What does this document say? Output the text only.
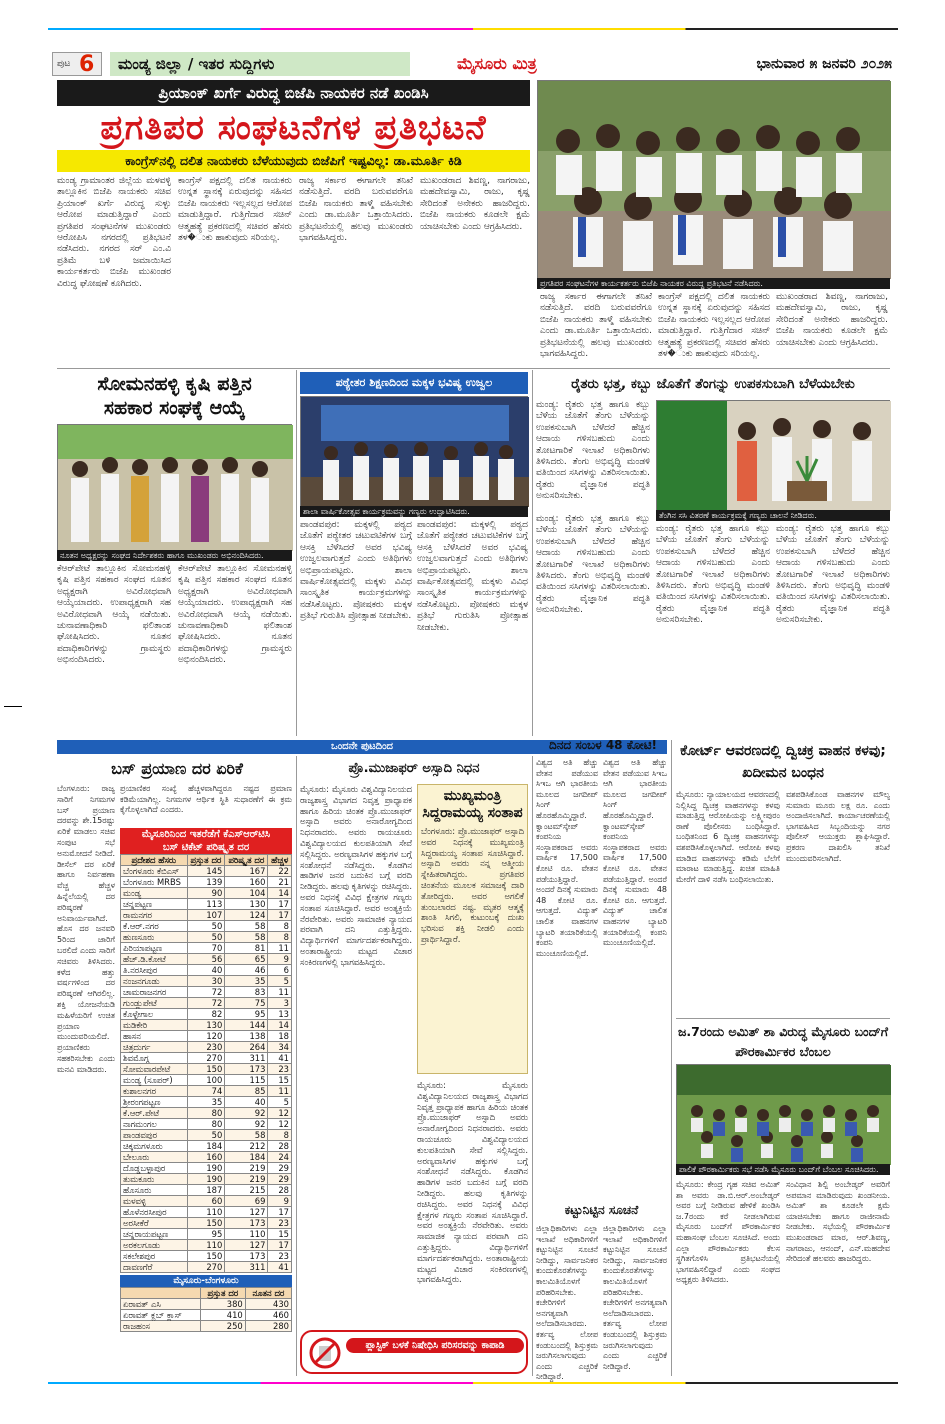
ಪುಟ 6	ಮಂಡ್ಯ ಜಿಲ್ಲಾ / ಇತರ ಸುದ್ದಿಗಳು	ಮೈಸೂರು ಮಿತ್ರ	ಭಾನುವಾರ ೫ ಜನವರಿ ೨೦೨೫
ಪ್ರಿಯಾಂಕ್ ಖರ್ಗೆ ವಿರುದ್ಧ ಬಿಜೆಪಿ ನಾಯಕರ ನಡೆ ಖಂಡಿಸಿ
ಪ್ರಗತಿಪರ ಸಂಘಟನೆಗಳ ಪ್ರತಿಭಟನೆ
ಕಾಂಗ್ರೆಸ್‌ನಲ್ಲಿ ದಲಿತ ನಾಯಕರು ಬೆಳೆಯುವುದು ಬಿಜೆಪಿಗೆ ಇಷ್ಟವಿಲ್ಲ: ಡಾ.ಮೂರ್ತಿ ಕಿಡಿ
ಮಂಡ್ಯ ಗ್ರಾಮಾಂತರ ಜಿಲ್ಲೆಯ ಮಳವಳ್ಳಿ ತಾಲ್ಲೂಕಿನ ಬಿಜೆಪಿ ನಾಯಕರು ಸಚಿವ ಪ್ರಿಯಾಂಕ್ ಖರ್ಗೆ ವಿರುದ್ಧ ಸುಳ್ಳು ಆರೋಪ ಮಾಡುತ್ತಿದ್ದಾರೆ ಎಂದು ಪ್ರಗತಿಪರ ಸಂಘಟನೆಗಳ ಮುಖಂಡರು ಆರೋಪಿಸಿ ನಗರದಲ್ಲಿ ಪ್ರತಿಭಟನೆ ನಡೆಸಿದರು. ನಗರದ ಸರ್ ಎಂ.ವಿ ಪ್ರತಿಮೆ ಬಳಿ ಜಮಾಯಿಸಿದ ಕಾರ್ಯಕರ್ತರು ಬಿಜೆಪಿ ಮುಖಂಡರ ವಿರುದ್ಧ ಘೋಷಣೆ ಕೂಗಿದರು.
ಕಾಂಗ್ರೆಸ್ ಪಕ್ಷದಲ್ಲಿ ದಲಿತ ನಾಯಕರು ಉನ್ನತ ಸ್ಥಾನಕ್ಕೆ ಏರುವುದನ್ನು ಸಹಿಸದ ಬಿಜೆಪಿ ನಾಯಕರು ಇಲ್ಲಸಲ್ಲದ ಆರೋಪ ಮಾಡುತ್ತಿದ್ದಾರೆ. ಗುತ್ತಿಗೆದಾರ ಸಚಿನ್ ಆತ್ಮಹತ್ಯೆ ಪ್ರಕರಣದಲ್ಲಿ ಸಚಿವರ ಹೆಸರು ತಳ�ುಕು ಹಾಕುವುದು ಸರಿಯಲ್ಲ.
ರಾಜ್ಯ ಸರ್ಕಾರ ಈಗಾಗಲೇ ತನಿಖೆ ನಡೆಸುತ್ತಿದೆ. ವರದಿ ಬರುವವರೆಗೂ ಬಿಜೆಪಿ ನಾಯಕರು ತಾಳ್ಮೆ ವಹಿಸಬೇಕು ಎಂದು ಡಾ.ಮೂರ್ತಿ ಒತ್ತಾಯಿಸಿದರು. ಪ್ರತಿಭಟನೆಯಲ್ಲಿ ಹಲವು ಮುಖಂಡರು ಭಾಗವಹಿಸಿದ್ದರು.
ಮುಖಂಡರಾದ ಶಿವಣ್ಣ, ನಾಗರಾಜು, ಮಹದೇವಸ್ವಾಮಿ, ರಾಜು, ಕೃಷ್ಣ ಸೇರಿದಂತೆ ಅನೇಕರು ಹಾಜರಿದ್ದರು. ಬಿಜೆಪಿ ನಾಯಕರು ಕೂಡಲೇ ಕ್ಷಮೆ ಯಾಚಿಸಬೇಕು ಎಂದು ಆಗ್ರಹಿಸಿದರು.
ಪ್ರಗತಿಪರ ಸಂಘಟನೆಗಳ ಕಾರ್ಯಕರ್ತರು ಬಿಜೆಪಿ ನಾಯಕರ ವಿರುದ್ಧ ಪ್ರತಿಭಟನೆ ನಡೆಸಿದರು.
ರಾಜ್ಯ ಸರ್ಕಾರ ಈಗಾಗಲೇ ತನಿಖೆ ನಡೆಸುತ್ತಿದೆ. ವರದಿ ಬರುವವರೆಗೂ ಬಿಜೆಪಿ ನಾಯಕರು ತಾಳ್ಮೆ ವಹಿಸಬೇಕು ಎಂದು ಡಾ.ಮೂರ್ತಿ ಒತ್ತಾಯಿಸಿದರು. ಪ್ರತಿಭಟನೆಯಲ್ಲಿ ಹಲವು ಮುಖಂಡರು ಭಾಗವಹಿಸಿದ್ದರು.
ಕಾಂಗ್ರೆಸ್ ಪಕ್ಷದಲ್ಲಿ ದಲಿತ ನಾಯಕರು ಉನ್ನತ ಸ್ಥಾನಕ್ಕೆ ಏರುವುದನ್ನು ಸಹಿಸದ ಬಿಜೆಪಿ ನಾಯಕರು ಇಲ್ಲಸಲ್ಲದ ಆರೋಪ ಮಾಡುತ್ತಿದ್ದಾರೆ. ಗುತ್ತಿಗೆದಾರ ಸಚಿನ್ ಆತ್ಮಹತ್ಯೆ ಪ್ರಕರಣದಲ್ಲಿ ಸಚಿವರ ಹೆಸರು ತಳ�ುಕು ಹಾಕುವುದು ಸರಿಯಲ್ಲ.
ಮುಖಂಡರಾದ ಶಿವಣ್ಣ, ನಾಗರಾಜು, ಮಹದೇವಸ್ವಾಮಿ, ರಾಜು, ಕೃಷ್ಣ ಸೇರಿದಂತೆ ಅನೇಕರು ಹಾಜರಿದ್ದರು. ಬಿಜೆಪಿ ನಾಯಕರು ಕೂಡಲೇ ಕ್ಷಮೆ ಯಾಚಿಸಬೇಕು ಎಂದು ಆಗ್ರಹಿಸಿದರು.
ಸೋಮನಹಳ್ಳಿ ಕೃಷಿ ಪತ್ತಿನ
ಸಹಕಾರ ಸಂಘಕ್ಕೆ ಆಯ್ಕೆ
ನೂತನ ಅಧ್ಯಕ್ಷರನ್ನು ಸಂಘದ ನಿರ್ದೇಶಕರು ಹಾಗೂ ಮುಖಂಡರು ಅಭಿನಂದಿಸಿದರು.
ಕೆಆರ್‌ಪೇಟೆ ತಾಲ್ಲೂಕಿನ ಸೋಮನಹಳ್ಳಿ ಕೃಷಿ ಪತ್ತಿನ ಸಹಕಾರ ಸಂಘದ ನೂತನ ಅಧ್ಯಕ್ಷರಾಗಿ ಅವಿರೋಧವಾಗಿ ಆಯ್ಕೆಯಾದರು. ಉಪಾಧ್ಯಕ್ಷರಾಗಿ ಸಹ ಅವಿರೋಧವಾಗಿ ಆಯ್ಕೆ ನಡೆಯಿತು. ಚುನಾವಣಾಧಿಕಾರಿ ಫಲಿತಾಂಶ ಘೋಷಿಸಿದರು. ನೂತನ ಪದಾಧಿಕಾರಿಗಳನ್ನು ಗ್ರಾಮಸ್ಥರು ಅಭಿನಂದಿಸಿದರು.
ಕೆಆರ್‌ಪೇಟೆ ತಾಲ್ಲೂಕಿನ ಸೋಮನಹಳ್ಳಿ ಕೃಷಿ ಪತ್ತಿನ ಸಹಕಾರ ಸಂಘದ ನೂತನ ಅಧ್ಯಕ್ಷರಾಗಿ ಅವಿರೋಧವಾಗಿ ಆಯ್ಕೆಯಾದರು. ಉಪಾಧ್ಯಕ್ಷರಾಗಿ ಸಹ ಅವಿರೋಧವಾಗಿ ಆಯ್ಕೆ ನಡೆಯಿತು. ಚುನಾವಣಾಧಿಕಾರಿ ಫಲಿತಾಂಶ ಘೋಷಿಸಿದರು. ನೂತನ ಪದಾಧಿಕಾರಿಗಳನ್ನು ಗ್ರಾಮಸ್ಥರು ಅಭಿನಂದಿಸಿದರು.
ಪಠ್ಯೇತರ ಶಿಕ್ಷಣದಿಂದ ಮಕ್ಕಳ ಭವಿಷ್ಯ ಉಜ್ವಲ
ಶಾಲಾ ವಾರ್ಷಿಕೋತ್ಸವ ಕಾರ್ಯಕ್ರಮವನ್ನು ಗಣ್ಯರು ಉದ್ಘಾಟಿಸಿದರು.
ಪಾಂಡವಪುರ: ಮಕ್ಕಳಲ್ಲಿ ಪಠ್ಯದ ಜೊತೆಗೆ ಪಠ್ಯೇತರ ಚಟುವಟಿಕೆಗಳ ಬಗ್ಗೆ ಆಸಕ್ತಿ ಬೆಳೆಸಿದರೆ ಅವರ ಭವಿಷ್ಯ ಉಜ್ವಲವಾಗುತ್ತದೆ ಎಂದು ಅತಿಥಿಗಳು ಅಭಿಪ್ರಾಯಪಟ್ಟರು. ಶಾಲಾ ವಾರ್ಷಿಕೋತ್ಸವದಲ್ಲಿ ಮಕ್ಕಳು ವಿವಿಧ ಸಾಂಸ್ಕೃತಿಕ ಕಾರ್ಯಕ್ರಮಗಳನ್ನು ನಡೆಸಿಕೊಟ್ಟರು. ಪೋಷಕರು ಮಕ್ಕಳ ಪ್ರತಿಭೆ ಗುರುತಿಸಿ ಪ್ರೋತ್ಸಾಹ ನೀಡಬೇಕು.
ಪಾಂಡವಪುರ: ಮಕ್ಕಳಲ್ಲಿ ಪಠ್ಯದ ಜೊತೆಗೆ ಪಠ್ಯೇತರ ಚಟುವಟಿಕೆಗಳ ಬಗ್ಗೆ ಆಸಕ್ತಿ ಬೆಳೆಸಿದರೆ ಅವರ ಭವಿಷ್ಯ ಉಜ್ವಲವಾಗುತ್ತದೆ ಎಂದು ಅತಿಥಿಗಳು ಅಭಿಪ್ರಾಯಪಟ್ಟರು. ಶಾಲಾ ವಾರ್ಷಿಕೋತ್ಸವದಲ್ಲಿ ಮಕ್ಕಳು ವಿವಿಧ ಸಾಂಸ್ಕೃತಿಕ ಕಾರ್ಯಕ್ರಮಗಳನ್ನು ನಡೆಸಿಕೊಟ್ಟರು. ಪೋಷಕರು ಮಕ್ಕಳ ಪ್ರತಿಭೆ ಗುರುತಿಸಿ ಪ್ರೋತ್ಸಾಹ ನೀಡಬೇಕು.
ರೈತರು ಭತ್ತ, ಕಬ್ಬು ಜೊತೆಗೆ ತೆಂಗನ್ನು ಉಪಕಸುಬಾಗಿ ಬೆಳೆಯಬೇಕು
ಮಂಡ್ಯ: ರೈತರು ಭತ್ತ ಹಾಗೂ ಕಬ್ಬು ಬೆಳೆಯ ಜೊತೆಗೆ ತೆಂಗು ಬೆಳೆಯನ್ನು ಉಪಕಸುಬಾಗಿ ಬೆಳೆದರೆ ಹೆಚ್ಚಿನ ಆದಾಯ ಗಳಿಸಬಹುದು ಎಂದು ತೋಟಗಾರಿಕೆ ಇಲಾಖೆ ಅಧಿಕಾರಿಗಳು ತಿಳಿಸಿದರು. ತೆಂಗು ಅಭಿವೃದ್ಧಿ ಮಂಡಳಿ ವತಿಯಿಂದ ಸಸಿಗಳನ್ನು ವಿತರಿಸಲಾಯಿತು. ರೈತರು ವೈಜ್ಞಾನಿಕ ಪದ್ಧತಿ ಅನುಸರಿಸಬೇಕು.
ತೆಂಗಿನ ಸಸಿ ವಿತರಣೆ ಕಾರ್ಯಕ್ರಮಕ್ಕೆ ಗಣ್ಯರು ಚಾಲನೆ ನೀಡಿದರು.
ಮಂಡ್ಯ: ರೈತರು ಭತ್ತ ಹಾಗೂ ಕಬ್ಬು ಬೆಳೆಯ ಜೊತೆಗೆ ತೆಂಗು ಬೆಳೆಯನ್ನು ಉಪಕಸುಬಾಗಿ ಬೆಳೆದರೆ ಹೆಚ್ಚಿನ ಆದಾಯ ಗಳಿಸಬಹುದು ಎಂದು ತೋಟಗಾರಿಕೆ ಇಲಾಖೆ ಅಧಿಕಾರಿಗಳು ತಿಳಿಸಿದರು. ತೆಂಗು ಅಭಿವೃದ್ಧಿ ಮಂಡಳಿ ವತಿಯಿಂದ ಸಸಿಗಳನ್ನು ವಿತರಿಸಲಾಯಿತು. ರೈತರು ವೈಜ್ಞಾನಿಕ ಪದ್ಧತಿ ಅನುಸರಿಸಬೇಕು.
ಮಂಡ್ಯ: ರೈತರು ಭತ್ತ ಹಾಗೂ ಕಬ್ಬು ಬೆಳೆಯ ಜೊತೆಗೆ ತೆಂಗು ಬೆಳೆಯನ್ನು ಉಪಕಸುಬಾಗಿ ಬೆಳೆದರೆ ಹೆಚ್ಚಿನ ಆದಾಯ ಗಳಿಸಬಹುದು ಎಂದು ತೋಟಗಾರಿಕೆ ಇಲಾಖೆ ಅಧಿಕಾರಿಗಳು ತಿಳಿಸಿದರು. ತೆಂಗು ಅಭಿವೃದ್ಧಿ ಮಂಡಳಿ ವತಿಯಿಂದ ಸಸಿಗಳನ್ನು ವಿತರಿಸಲಾಯಿತು. ರೈತರು ವೈಜ್ಞಾನಿಕ ಪದ್ಧತಿ ಅನುಸರಿಸಬೇಕು.
ಮಂಡ್ಯ: ರೈತರು ಭತ್ತ ಹಾಗೂ ಕಬ್ಬು ಬೆಳೆಯ ಜೊತೆಗೆ ತೆಂಗು ಬೆಳೆಯನ್ನು ಉಪಕಸುಬಾಗಿ ಬೆಳೆದರೆ ಹೆಚ್ಚಿನ ಆದಾಯ ಗಳಿಸಬಹುದು ಎಂದು ತೋಟಗಾರಿಕೆ ಇಲಾಖೆ ಅಧಿಕಾರಿಗಳು ತಿಳಿಸಿದರು. ತೆಂಗು ಅಭಿವೃದ್ಧಿ ಮಂಡಳಿ ವತಿಯಿಂದ ಸಸಿಗಳನ್ನು ವಿತರಿಸಲಾಯಿತು. ರೈತರು ವೈಜ್ಞಾನಿಕ ಪದ್ಧತಿ ಅನುಸರಿಸಬೇಕು.
ಒಂದನೇ ಪುಟದಿಂದ
ಬಸ್ ಪ್ರಯಾಣ ದರ ಏರಿಕೆ
ಬೆಂಗಳೂರು: ರಾಜ್ಯ ಸಾರಿಗೆ ನಿಗಮಗಳ ಬಸ್ ಪ್ರಯಾಣ ದರವನ್ನು ಶೇ.15ರಷ್ಟು ಏರಿಕೆ ಮಾಡಲು ಸಚಿವ ಸಂಪುಟ ಸಭೆ ಅನುಮೋದನೆ ನೀಡಿದೆ. ಡೀಸೆಲ್ ದರ ಏರಿಕೆ ಹಾಗೂ ನಿರ್ವಹಣಾ ವೆಚ್ಚ ಹೆಚ್ಚಳ ಹಿನ್ನೆಲೆಯಲ್ಲಿ ದರ ಪರಿಷ್ಕರಣೆ ಅನಿವಾರ್ಯವಾಗಿದೆ. ಹೊಸ ದರ ಜನವರಿ 5ರಿಂದ ಜಾರಿಗೆ ಬರಲಿದೆ ಎಂದು ಸಾರಿಗೆ ಸಚಿವರು ತಿಳಿಸಿದರು. ಕಳೆದ ಹತ್ತು ವರ್ಷಗಳಿಂದ ದರ ಪರಿಷ್ಕರಣೆ ಆಗಿರಲಿಲ್ಲ. ಶಕ್ತಿ ಯೋಜನೆಯಡಿ ಮಹಿಳೆಯರಿಗೆ ಉಚಿತ ಪ್ರಯಾಣ ಮುಂದುವರಿಯಲಿದೆ. ಪ್ರಯಾಣಿಕರು ಸಹಕರಿಸಬೇಕು ಎಂದು ಮನವಿ ಮಾಡಿದರು.
ಪ್ರಯಾಣಿಕರ ಸಂಖ್ಯೆ ಹೆಚ್ಚಳವಾಗಿದ್ದರೂ ನಷ್ಟದ ಪ್ರಮಾಣ ಕಡಿಮೆಯಾಗಿಲ್ಲ. ನಿಗಮಗಳ ಆರ್ಥಿಕ ಸ್ಥಿತಿ ಸುಧಾರಣೆಗೆ ಈ ಕ್ರಮ ಕೈಗೊಳ್ಳಲಾಗಿದೆ ಎಂದರು.
ಮೈಸೂರಿನಿಂದ ಇತರೆಡೆಗೆ ಕೆಎಸ್‌ಆರ್‌ಟಿಸಿ
ಬಸ್ ಟಿಕೆಟ್ ಪರಿಷ್ಕೃತ ದರ
ಪ್ರದೇಶದ ಹೆಸರು	ಪ್ರಸ್ತುತ ದರ	ಪರಿಷ್ಕೃತ ದರ	ಹೆಚ್ಚಳ
ಬೆಂಗಳೂರು ಕೆಬಿಎಸ್	145	167	22
ಬೆಂಗಳೂರು MRBS	139	160	21
ಮಂಡ್ಯ	90	104	14
ಚನ್ನಪಟ್ಟಣ	113	130	17
ರಾಮನಗರ	107	124	17
ಕೆ.ಆರ್.ನಗರ	50	58	8
ಹುಣಸೂರು	50	58	8
ಪಿರಿಯಾಪಟ್ಟಣ	70	81	11
ಹೆಚ್.ಡಿ.ಕೋಟೆ	56	65	9
ತಿ.ನರಸೀಪುರ	40	46	6
ನಂಜನಗೂಡು	30	35	5
ಚಾಮರಾಜನಗರ	72	83	11
ಗುಂಡ್ಲುಪೇಟೆ	72	75	3
ಕೊಳ್ಳೇಗಾಲ	82	95	13
ಮಡಿಕೇರಿ	130	144	14
ಹಾಸನ	120	138	18
ಚಿತ್ರದುರ್ಗ	230	264	34
ಶಿವಮೊಗ್ಗ	270	311	41
ಸೋಮವಾರಪೇಟೆ	150	173	23
ಮಂಡ್ಯ (ಸೂಪರ್)	100	115	15
ಕುಶಾಲನಗರ	74	85	11
ಶ್ರೀರಂಗಪಟ್ಟಣ	35	40	5
ಕೆ.ಆರ್.ಪೇಟೆ	80	92	12
ನಾಗಮಂಗಲ	80	92	12
ಪಾಂಡವಪುರ	50	58	8
ಚಿಕ್ಕಮಗಳೂರು	184	212	28
ಬೇಲೂರು	160	184	24
ದೊಡ್ಡಬಳ್ಳಾಪುರ	190	219	29
ತುಮಕೂರು	190	219	29
ಹೊಸೂರು	187	215	28
ಮಳವಳ್ಳಿ	60	69	9
ಹೊಳೆನರಸೀಪುರ	110	127	17
ಅರಸೀಕೆರೆ	150	173	23
ಚನ್ನರಾಯಪಟ್ಟಣ	95	110	15
ಅರಕಲಗೂಡು	110	127	17
ಸಕಲೇಶಪುರ	150	173	23
ದಾವಣಗೆರೆ	270	311	41
ಮೈಸೂರು-ಬೆಂಗಳೂರು
	ಪ್ರಸ್ತುತ ದರ	ನೂತನ ದರ
ಏರಾವತ್ ಎಸಿ	380	430
ಏರಾವತ್ ಕ್ಲಬ್ ಕ್ಲಾಸ್	410	460
ರಾಜಹಂಸ	250	280
ಪ್ರೊ.ಮುಜಾಫರ್ ಅಸ್ಸಾದಿ ನಿಧನ
ಮೈಸೂರು: ಮೈಸೂರು ವಿಶ್ವವಿದ್ಯಾನಿಲಯದ ರಾಜ್ಯಶಾಸ್ತ್ರ ವಿಭಾಗದ ನಿವೃತ್ತ ಪ್ರಾಧ್ಯಾಪಕ ಹಾಗೂ ಹಿರಿಯ ಚಿಂತಕ ಪ್ರೊ.ಮುಜಾಫರ್ ಅಸ್ಸಾದಿ ಅವರು ಅನಾರೋಗ್ಯದಿಂದ ನಿಧನರಾದರು. ಅವರು ರಾಯಚೂರು ವಿಶ್ವವಿದ್ಯಾಲಯದ ಕುಲಪತಿಯಾಗಿ ಸೇವೆ ಸಲ್ಲಿಸಿದ್ದರು. ಅರಣ್ಯವಾಸಿಗಳ ಹಕ್ಕುಗಳ ಬಗ್ಗೆ ಸಂಶೋಧನೆ ನಡೆಸಿದ್ದರು. ಕೊಡಗಿನ ಹಾಡಿಗಳ ಜನರ ಬದುಕಿನ ಬಗ್ಗೆ ವರದಿ ನೀಡಿದ್ದರು. ಹಲವು ಕೃತಿಗಳನ್ನು ರಚಿಸಿದ್ದರು. ಅವರ ನಿಧನಕ್ಕೆ ವಿವಿಧ ಕ್ಷೇತ್ರಗಳ ಗಣ್ಯರು ಸಂತಾಪ ಸೂಚಿಸಿದ್ದಾರೆ. ಅವರ ಅಂತ್ಯಕ್ರಿಯೆ ನೆರವೇರಿತು. ಅವರು ಸಾಮಾಜಿಕ ನ್ಯಾಯದ ಪರವಾಗಿ ದನಿ ಎತ್ತುತ್ತಿದ್ದರು. ವಿದ್ಯಾರ್ಥಿಗಳಿಗೆ ಮಾರ್ಗದರ್ಶಕರಾಗಿದ್ದರು. ಅಂತಾರಾಷ್ಟ್ರೀಯ ಮಟ್ಟದ ವಿಚಾರ ಸಂಕಿರಣಗಳಲ್ಲಿ ಭಾಗವಹಿಸಿದ್ದರು.
ಮುಖ್ಯಮಂತ್ರಿ ಸಿದ್ದರಾಮಯ್ಯ ಸಂತಾಪ
ಬೆಂಗಳೂರು: ಪ್ರೊ.ಮುಜಾಫರ್ ಅಸ್ಸಾದಿ ಅವರ ನಿಧನಕ್ಕೆ ಮುಖ್ಯಮಂತ್ರಿ ಸಿದ್ದರಾಮಯ್ಯ ಸಂತಾಪ ಸೂಚಿಸಿದ್ದಾರೆ. ಅಸ್ಸಾದಿ ಅವರು ನನ್ನ ಆತ್ಮೀಯ ಸ್ನೇಹಿತರಾಗಿದ್ದರು. ಪ್ರಗತಿಪರ ಚಿಂತನೆಯ ಮೂಲಕ ಸಮಾಜಕ್ಕೆ ದಾರಿ ತೋರಿದ್ದರು. ಅವರ ಅಗಲಿಕೆ ತುಂಬಲಾರದ ನಷ್ಟ. ಮೃತರ ಆತ್ಮಕ್ಕೆ ಶಾಂತಿ ಸಿಗಲಿ, ಕುಟುಂಬಕ್ಕೆ ದುಃಖ ಭರಿಸುವ ಶಕ್ತಿ ನೀಡಲಿ ಎಂದು ಪ್ರಾರ್ಥಿಸಿದ್ದಾರೆ.
ಮೈಸೂರು: ಮೈಸೂರು ವಿಶ್ವವಿದ್ಯಾನಿಲಯದ ರಾಜ್ಯಶಾಸ್ತ್ರ ವಿಭಾಗದ ನಿವೃತ್ತ ಪ್ರಾಧ್ಯಾಪಕ ಹಾಗೂ ಹಿರಿಯ ಚಿಂತಕ ಪ್ರೊ.ಮುಜಾಫರ್ ಅಸ್ಸಾದಿ ಅವರು ಅನಾರೋಗ್ಯದಿಂದ ನಿಧನರಾದರು. ಅವರು ರಾಯಚೂರು ವಿಶ್ವವಿದ್ಯಾಲಯದ ಕುಲಪತಿಯಾಗಿ ಸೇವೆ ಸಲ್ಲಿಸಿದ್ದರು. ಅರಣ್ಯವಾಸಿಗಳ ಹಕ್ಕುಗಳ ಬಗ್ಗೆ ಸಂಶೋಧನೆ ನಡೆಸಿದ್ದರು. ಕೊಡಗಿನ ಹಾಡಿಗಳ ಜನರ ಬದುಕಿನ ಬಗ್ಗೆ ವರದಿ ನೀಡಿದ್ದರು. ಹಲವು ಕೃತಿಗಳನ್ನು ರಚಿಸಿದ್ದರು. ಅವರ ನಿಧನಕ್ಕೆ ವಿವಿಧ ಕ್ಷೇತ್ರಗಳ ಗಣ್ಯರು ಸಂತಾಪ ಸೂಚಿಸಿದ್ದಾರೆ. ಅವರ ಅಂತ್ಯಕ್ರಿಯೆ ನೆರವೇರಿತು. ಅವರು ಸಾಮಾಜಿಕ ನ್ಯಾಯದ ಪರವಾಗಿ ದನಿ ಎತ್ತುತ್ತಿದ್ದರು. ವಿದ್ಯಾರ್ಥಿಗಳಿಗೆ ಮಾರ್ಗದರ್ಶಕರಾಗಿದ್ದರು. ಅಂತಾರಾಷ್ಟ್ರೀಯ ಮಟ್ಟದ ವಿಚಾರ ಸಂಕಿರಣಗಳಲ್ಲಿ ಭಾಗವಹಿಸಿದ್ದರು.
ಪ್ಲಾಸ್ಟಿಕ್ ಬಳಕೆ ನಿಷೇಧಿಸಿ ಪರಿಸರವನ್ನು ಕಾಪಾಡಿ
ದಿನದ ಸಂಬಳ 48 ಕೋಟಿ!
ವಿಶ್ವದ ಅತಿ ಹೆಚ್ಚು ವೇತನ ಪಡೆಯುವ ಸಿಇಒ ಆಗಿ ಭಾರತೀಯ ಮೂಲದ ಜಗದೀಪ್ ಸಿಂಗ್ ಹೊರಹೊಮ್ಮಿದ್ದಾರೆ. ಕ್ವಾಂಟಮ್‌ಸ್ಕೇಪ್ ಕಂಪನಿಯ ಸಂಸ್ಥಾಪಕರಾದ ಅವರು ವಾರ್ಷಿಕ 17,500 ಕೋಟಿ ರೂ. ವೇತನ ಪಡೆಯುತ್ತಿದ್ದಾರೆ. ಅಂದರೆ ದಿನಕ್ಕೆ ಸುಮಾರು 48 ಕೋಟಿ ರೂ. ಆಗುತ್ತದೆ. ವಿದ್ಯುತ್ ಚಾಲಿತ ವಾಹನಗಳ ಬ್ಯಾಟರಿ ತಯಾರಿಕೆಯಲ್ಲಿ ಕಂಪನಿ ಮುಂಚೂಣಿಯಲ್ಲಿದೆ.
ವಿಶ್ವದ ಅತಿ ಹೆಚ್ಚು ವೇತನ ಪಡೆಯುವ ಸಿಇಒ ಆಗಿ ಭಾರತೀಯ ಮೂಲದ ಜಗದೀಪ್ ಸಿಂಗ್ ಹೊರಹೊಮ್ಮಿದ್ದಾರೆ. ಕ್ವಾಂಟಮ್‌ಸ್ಕೇಪ್ ಕಂಪನಿಯ ಸಂಸ್ಥಾಪಕರಾದ ಅವರು ವಾರ್ಷಿಕ 17,500 ಕೋಟಿ ರೂ. ವೇತನ ಪಡೆಯುತ್ತಿದ್ದಾರೆ. ಅಂದರೆ ದಿನಕ್ಕೆ ಸುಮಾರು 48 ಕೋಟಿ ರೂ. ಆಗುತ್ತದೆ. ವಿದ್ಯುತ್ ಚಾಲಿತ ವಾಹನಗಳ ಬ್ಯಾಟರಿ ತಯಾರಿಕೆಯಲ್ಲಿ ಕಂಪನಿ ಮುಂಚೂಣಿಯಲ್ಲಿದೆ.
ಕಟ್ಟುನಿಟ್ಟಿನ ಸೂಚನೆ
ಜಿಲ್ಲಾಧಿಕಾರಿಗಳು ಎಲ್ಲಾ ಇಲಾಖೆ ಅಧಿಕಾರಿಗಳಿಗೆ ಕಟ್ಟುನಿಟ್ಟಿನ ಸೂಚನೆ ನೀಡಿದ್ದು, ಸಾರ್ವಜನಿಕರ ಕುಂದುಕೊರತೆಗಳನ್ನು ಕಾಲಮಿತಿಯೊಳಗೆ ಪರಿಹರಿಸಬೇಕು. ಕಚೇರಿಗಳಿಗೆ ಅನಗತ್ಯವಾಗಿ ಅಲೆದಾಡಿಸಬಾರದು. ಕರ್ತವ್ಯ ಲೋಪ ಕಂಡುಬಂದಲ್ಲಿ ಶಿಸ್ತುಕ್ರಮ ಜರುಗಿಸಲಾಗುವುದು ಎಂದು ಎಚ್ಚರಿಕೆ ನೀಡಿದ್ದಾರೆ.
ಜಿಲ್ಲಾಧಿಕಾರಿಗಳು ಎಲ್ಲಾ ಇಲಾಖೆ ಅಧಿಕಾರಿಗಳಿಗೆ ಕಟ್ಟುನಿಟ್ಟಿನ ಸೂಚನೆ ನೀಡಿದ್ದು, ಸಾರ್ವಜನಿಕರ ಕುಂದುಕೊರತೆಗಳನ್ನು ಕಾಲಮಿತಿಯೊಳಗೆ ಪರಿಹರಿಸಬೇಕು. ಕಚೇರಿಗಳಿಗೆ ಅನಗತ್ಯವಾಗಿ ಅಲೆದಾಡಿಸಬಾರದು. ಕರ್ತವ್ಯ ಲೋಪ ಕಂಡುಬಂದಲ್ಲಿ ಶಿಸ್ತುಕ್ರಮ ಜರುಗಿಸಲಾಗುವುದು ಎಂದು ಎಚ್ಚರಿಕೆ ನೀಡಿದ್ದಾರೆ.
ಕೋರ್ಟ್ ಆವರಣದಲ್ಲಿ ದ್ವಿಚಕ್ರ ವಾಹನ ಕಳವು; ಖದೀಮನ ಬಂಧನ
ಮೈಸೂರು: ನ್ಯಾಯಾಲಯದ ಆವರಣದಲ್ಲಿ ನಿಲ್ಲಿಸಿದ್ದ ದ್ವಿಚಕ್ರ ವಾಹನಗಳನ್ನು ಕಳವು ಮಾಡುತ್ತಿದ್ದ ಆರೋಪಿಯನ್ನು ಲಕ್ಷ್ಮೀಪುರಂ ಠಾಣೆ ಪೊಲೀಸರು ಬಂಧಿಸಿದ್ದಾರೆ. ಬಂಧಿತನಿಂದ 6 ದ್ವಿಚಕ್ರ ವಾಹನಗಳನ್ನು ವಶಪಡಿಸಿಕೊಳ್ಳಲಾಗಿದೆ. ಆರೋಪಿ ಕಳವು ಮಾಡಿದ ವಾಹನಗಳನ್ನು ಕಡಿಮೆ ಬೆಲೆಗೆ ಮಾರಾಟ ಮಾಡುತ್ತಿದ್ದ. ಖಚಿತ ಮಾಹಿತಿ ಮೇರೆಗೆ ದಾಳಿ ನಡೆಸಿ ಬಂಧಿಸಲಾಯಿತು.
ವಶಪಡಿಸಿಕೊಂಡ ವಾಹನಗಳ ಮೌಲ್ಯ ಸುಮಾರು ಮೂರು ಲಕ್ಷ ರೂ. ಎಂದು ಅಂದಾಜಿಸಲಾಗಿದೆ. ಕಾರ್ಯಾಚರಣೆಯಲ್ಲಿ ಭಾಗವಹಿಸಿದ ಸಿಬ್ಬಂದಿಯನ್ನು ನಗರ ಪೊಲೀಸ್ ಆಯುಕ್ತರು ಶ್ಲಾಘಿಸಿದ್ದಾರೆ. ಪ್ರಕರಣ ದಾಖಲಿಸಿ ತನಿಖೆ ಮುಂದುವರಿಸಲಾಗಿದೆ.
ಜ.7ರಂದು ಅಮಿತ್ ಶಾ ವಿರುದ್ಧ ಮೈಸೂರು ಬಂದ್‌ಗೆ ಪೌರಕಾರ್ಮಿಕರ ಬೆಂಬಲ
ಪಾಲಿಕೆ ಪೌರಕಾರ್ಮಿಕರು ಸಭೆ ನಡೆಸಿ ಮೈಸೂರು ಬಂದ್‌ಗೆ ಬೆಂಬಲ ಸೂಚಿಸಿದರು.
ಮೈಸೂರು: ಕೇಂದ್ರ ಗೃಹ ಸಚಿವ ಅಮಿತ್ ಶಾ ಅವರು ಡಾ.ಬಿ.ಆರ್.ಅಂಬೇಡ್ಕರ್ ಅವರ ಬಗ್ಗೆ ನೀಡಿರುವ ಹೇಳಿಕೆ ಖಂಡಿಸಿ ಜ.7ರಂದು ಕರೆ ನೀಡಲಾಗಿರುವ ಮೈಸೂರು ಬಂದ್‌ಗೆ ಪೌರಕಾರ್ಮಿಕರ ಮಹಾಸಂಘ ಬೆಂಬಲ ಸೂಚಿಸಿದೆ. ಅಂದು ಎಲ್ಲಾ ಪೌರಕಾರ್ಮಿಕರು ಕೆಲಸ ಸ್ಥಗಿತಗೊಳಿಸಿ ಪ್ರತಿಭಟನೆಯಲ್ಲಿ ಭಾಗವಹಿಸಲಿದ್ದಾರೆ ಎಂದು ಸಂಘದ ಅಧ್ಯಕ್ಷರು ತಿಳಿಸಿದರು.
ಸಂವಿಧಾನ ಶಿಲ್ಪಿ ಅಂಬೇಡ್ಕರ್ ಅವರಿಗೆ ಅಪಮಾನ ಮಾಡಿರುವುದು ಖಂಡನೀಯ. ಅಮಿತ್ ಶಾ ಕೂಡಲೇ ಕ್ಷಮೆ ಯಾಚಿಸಬೇಕು ಹಾಗೂ ರಾಜೀನಾಮೆ ನೀಡಬೇಕು. ಸಭೆಯಲ್ಲಿ ಪೌರಕಾರ್ಮಿಕ ಮುಖಂಡರಾದ ಮಾರ, ಆರ್.ಶಿವಣ್ಣ, ನಾಗರಾಜು, ಆನಂದ್, ಎನ್.ಮಹದೇವ ಸೇರಿದಂತೆ ಹಲವರು ಹಾಜರಿದ್ದರು.
